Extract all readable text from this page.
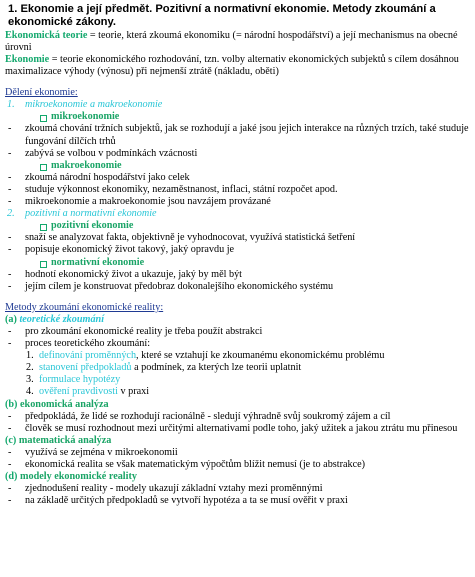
1. Ekonomie a její předmět. Pozitivní a normativní ekonomie. Metody zkoumání a ekonomické zákony.

Ekonomická teorie = teorie, která zkoumá ekonomiku (= národní hospodářství) a její mechanismus na obecné úrovni

Ekonomie = teorie ekonomického rozhodování, tzn. volby alternativ ekonomických subjektů s cílem dosáhnou maximalizace výhody (výnosu) při nejmenší ztrátě (nákladu, oběti)

Dělení ekonomie:

1. mikroekonomie a makroekonomie
mikroekonomie
- zkoumá chování tržních subjektů, jak se rozhodují a jaké jsou jejich interakce na různých trzích, také studuje fungování dílčích trhů
- zabývá se volbou v podmínkách vzácnosti
makroekonomie
- zkoumá národní hospodářství jako celek
- studuje výkonnost ekonomiky, nezaměstnanost, inflaci, státní rozpočet apod.
- mikroekonomie a makroekonomie jsou navzájem provázané
2. pozitivní a normativní ekonomie
pozitivní ekonomie
- snaží se analyzovat fakta, objektivně je vyhodnocovat, využívá statistická šetření
- popisuje ekonomický život takový, jaký opravdu je
normativní ekonomie
- hodnotí ekonomický život a ukazuje, jaký by měl být
- jejím cílem je konstruovat předobraz dokonalejšího ekonomického systému

Metody zkoumání ekonomické reality:

(a) teoretické zkoumání

- pro zkoumání ekonomické reality je třeba použít abstrakci
- proces teoretického zkoumání:
1. definování proměnných, které se vztahují ke zkoumanému ekonomickému problému
2. stanovení předpokladů a podmínek, za kterých lze teorii uplatnit
3. formulace hypotézy
4. ověření pravdivosti v praxi

(b) ekonomická analýza

- předpokládá, že lidé se rozhodují racionálně - sledují výhradně svůj soukromý zájem a cíl
- člověk se musí rozhodnout mezi určitými alternativami podle toho, jaký užitek a jakou ztrátu mu přinesou

(c) matematická analýza

- využívá se zejména v mikroekonomii
- ekonomická realita se však matematickým výpočtům blížit nemusí (je to abstrakce)

(d) modely ekonomické reality

- zjednodušení reality - modely ukazují základní vztahy mezi proměnnými
- na základě určitých předpokladů se vytvoří hypotéza a ta se musí ověřit v praxi
